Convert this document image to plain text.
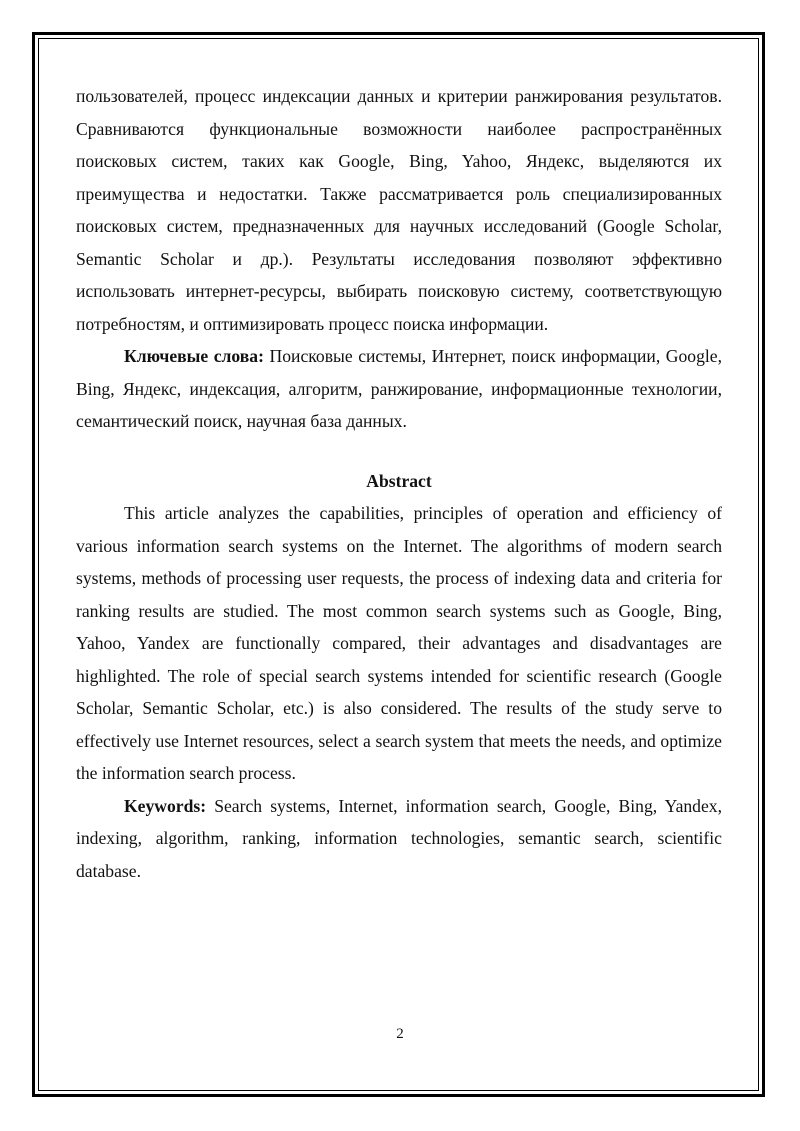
пользователей, процесс индексации данных и критерии ранжирования результатов. Сравниваются функциональные возможности наиболее распространённых поисковых систем, таких как Google, Bing, Yahoo, Яндекс, выделяются их преимущества и недостатки. Также рассматривается роль специализированных поисковых систем, предназначенных для научных исследований (Google Scholar, Semantic Scholar и др.). Результаты исследования позволяют эффективно использовать интернет-ресурсы, выбирать поисковую систему, соответствующую потребностям, и оптимизировать процесс поиска информации.

Ключевые слова: Поисковые системы, Интернет, поиск информации, Google, Bing, Яндекс, индексация, алгоритм, ранжирование, информационные технологии, семантический поиск, научная база данных.

Abstract

This article analyzes the capabilities, principles of operation and efficiency of various information search systems on the Internet. The algorithms of modern search systems, methods of processing user requests, the process of indexing data and criteria for ranking results are studied. The most common search systems such as Google, Bing, Yahoo, Yandex are functionally compared, their advantages and disadvantages are highlighted. The role of special search systems intended for scientific research (Google Scholar, Semantic Scholar, etc.) is also considered. The results of the study serve to effectively use Internet resources, select a search system that meets the needs, and optimize the information search process.

Keywords: Search systems, Internet, information search, Google, Bing, Yandex, indexing, algorithm, ranking, information technologies, semantic search, scientific database.

2
